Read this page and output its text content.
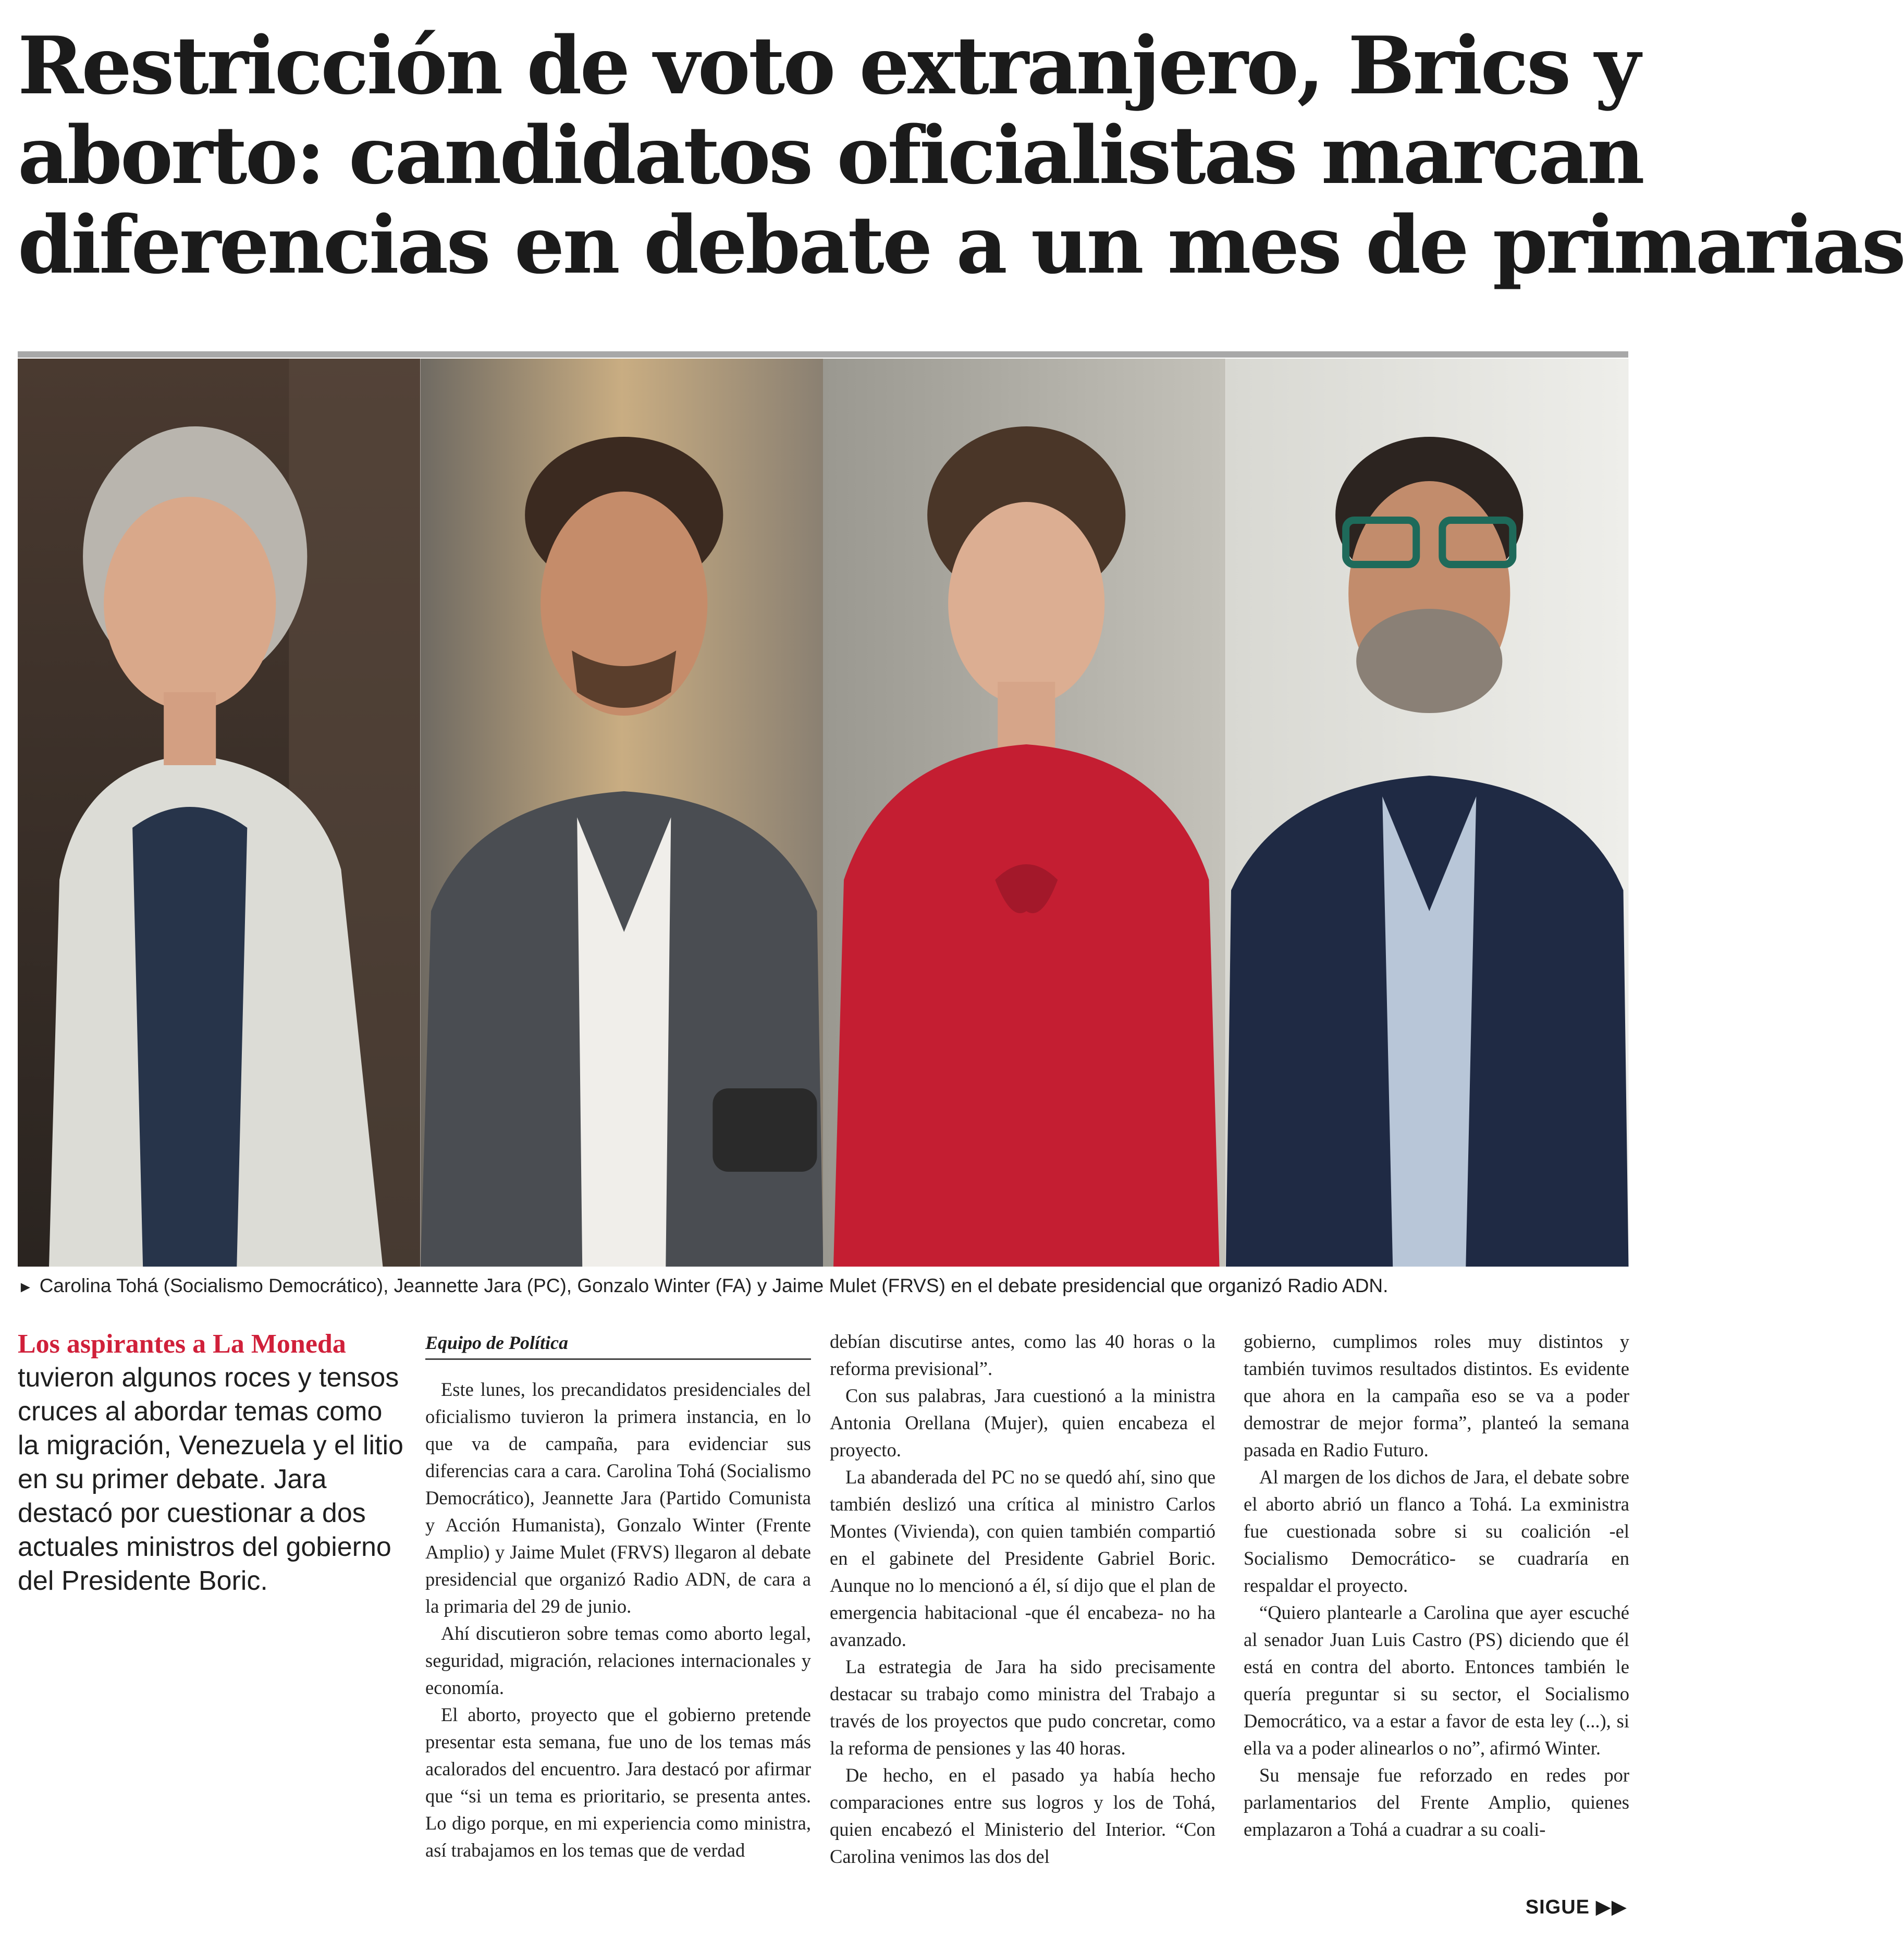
Restricción de voto extranjero, Brics y
aborto: candidatos oficialistas marcan
diferencias en debate a un mes de primarias
► Carolina Tohá (Socialismo Democrático), Jeannette Jara (PC), Gonzalo Winter (FA) y Jaime Mulet (FRVS) en el debate presidencial que organizó Radio ADN.
Los aspirantes a La Moneda tuvieron algunos roces y tensos cruces al abordar temas como la migración, Venezuela y el litio en su primer debate. Jara destacó por cuestionar a dos actuales ministros del gobierno del Presidente Boric.
Equipo de Política

Este lunes, los precandidatos presidenciales del oficialismo tuvieron la primera instancia, en lo que va de campaña, para evidenciar sus diferencias cara a cara. Carolina Tohá (Socialismo Democrático), Jeannette Jara (Partido Comunista y Acción Humanista), Gonzalo Winter (Frente Amplio) y Jaime Mulet (FRVS) llegaron al debate presidencial que organizó Radio ADN, de cara a la primaria del 29 de junio.

Ahí discutieron sobre temas como aborto legal, seguridad, migración, relaciones internacionales y economía.

El aborto, proyecto que el gobierno pretende presentar esta semana, fue uno de los temas más acalorados del encuentro. Jara destacó por afirmar que “si un tema es prioritario, se presenta antes. Lo digo porque, en mi experiencia como ministra, así trabajamos en los temas que de verdad

debían discutirse antes, como las 40 horas o la reforma previsional”.

Con sus palabras, Jara cuestionó a la ministra Antonia Orellana (Mujer), quien encabeza el proyecto.

La abanderada del PC no se quedó ahí, sino que también deslizó una crítica al ministro Carlos Montes (Vivienda), con quien también compartió en el gabinete del Presidente Gabriel Boric. Aunque no lo mencionó a él, sí dijo que el plan de emergencia habitacional -que él encabeza- no ha avanzado.

La estrategia de Jara ha sido precisamente destacar su trabajo como ministra del Trabajo a través de los proyectos que pudo concretar, como la reforma de pensiones y las 40 horas.

De hecho, en el pasado ya había hecho comparaciones entre sus logros y los de Tohá, quien encabezó el Ministerio del Interior. “Con Carolina venimos las dos del

gobierno, cumplimos roles muy distintos y también tuvimos resultados distintos. Es evidente que ahora en la campaña eso se va a poder demostrar de mejor forma”, planteó la semana pasada en Radio Futuro.

Al margen de los dichos de Jara, el debate sobre el aborto abrió un flanco a Tohá. La exministra fue cuestionada sobre si su coalición -el Socialismo Democrático- se cuadraría en respaldar el proyecto.

“Quiero plantearle a Carolina que ayer escuché al senador Juan Luis Castro (PS) diciendo que él está en contra del aborto. Entonces también le quería preguntar si su sector, el Socialismo Democrático, va a estar a favor de esta ley (...), si ella va a poder alinearlos o no”, afirmó Winter.

Su mensaje fue reforzado en redes por parlamentarios del Frente Amplio, quienes emplazaron a Tohá a cuadrar a su coali-

SIGUE ▶▶
